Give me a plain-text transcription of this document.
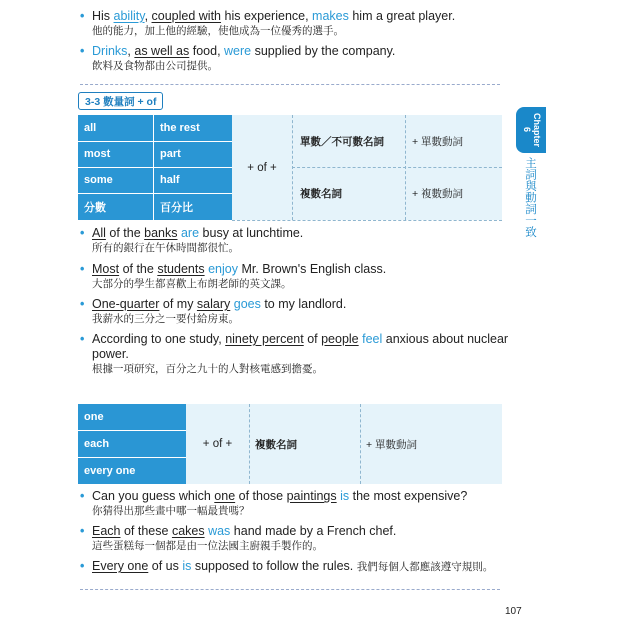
• His ability, coupled with his experience, makes him a great player.
他的能力，加上他的經驗，使他成為一位優秀的選手。
• Drinks, as well as food, were supplied by the company.
飲料及食物都由公司提供。
3-3 數量詞 + of
all	the rest
most	part
some	half
分數	百分比
+ of +
單數／不可數名詞	+ 單數動詞
複數名詞	+ 複數動詞
• All of the banks are busy at lunchtime.
所有的銀行在午休時間都很忙。
• Most of the students enjoy Mr. Brown's English class.
大部分的學生都喜歡上布朗老師的英文課。
• One-quarter of my salary goes to my landlord.
我薪水的三分之一要付給房東。
• According to one study, ninety percent of people feel anxious about nuclear power.
根據一項研究，百分之九十的人對核電感到擔憂。
one
each
every one
+ of +	複數名詞	+ 單數動詞
• Can you guess which one of those paintings is the most expensive?
你猜得出那些畫中哪一幅最貴嗎？
• Each of these cakes was hand made by a French chef.
這些蛋糕每一個都是由一位法國主廚親手製作的。
• Every one of us is supposed to follow the rules. 我們每個人都應該遵守規則。
Chapter 6
主詞與動詞一致
107
